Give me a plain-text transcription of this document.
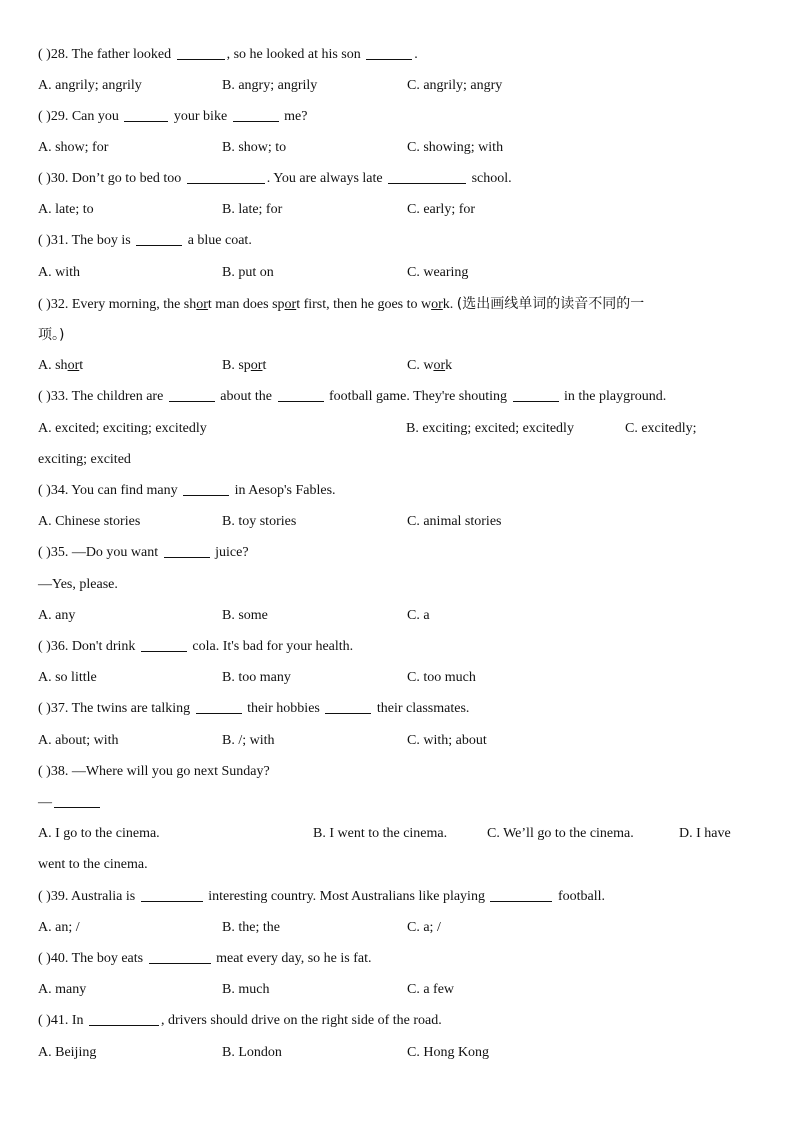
( )28. The father looked	, so he looked at his son	.
A. angrily; angrily	B. angry; angrily	C. angrily; angry
( )29. Can you	your bike	me?
A. show; for	B. show; to	C. showing; with
( )30. Don’t go to bed too	. You are always late	school.
A. late; to	B. late; for	C. early; for
( )31. The boy is	a blue coat.
A. with	B. put on	C. wearing
( )32. Every morning, the short man does sport first, then he goes to work. (选出画线单词的读音不同的一
项。)
A. short	B. sport	C. work
( )33. The children are	about the	football game. They're shouting	in the playground.
A. excited; exciting; excitedly	B. exciting; excited; excitedly	C. excitedly;
exciting; excited
( )34. You can find many	in Aesop's Fables.
A. Chinese stories	B. toy stories	C. animal stories
( )35. —Do you want	juice?
—Yes, please.
A. any	B. some	C. a
( )36. Don't drink	cola. It's bad for your health.
A. so little	B. too many	C. too much
( )37. The twins are talking	their hobbies	their classmates.
A. about; with	B. /; with	C. with; about
( )38. —Where will you go next Sunday?
—
A. I go to the cinema.	B. I went to the cinema.	C. We’ll go to the cinema.	D. I have
went to the cinema.
( )39. Australia is	interesting country. Most Australians like playing	football.
A. an; /	B. the; the	C. a; /
( )40. The boy eats	meat every day, so he is fat.
A. many	B. much	C. a few
( )41. In	, drivers should drive on the right side of the road.
A. Beijing	B. London	C. Hong Kong
